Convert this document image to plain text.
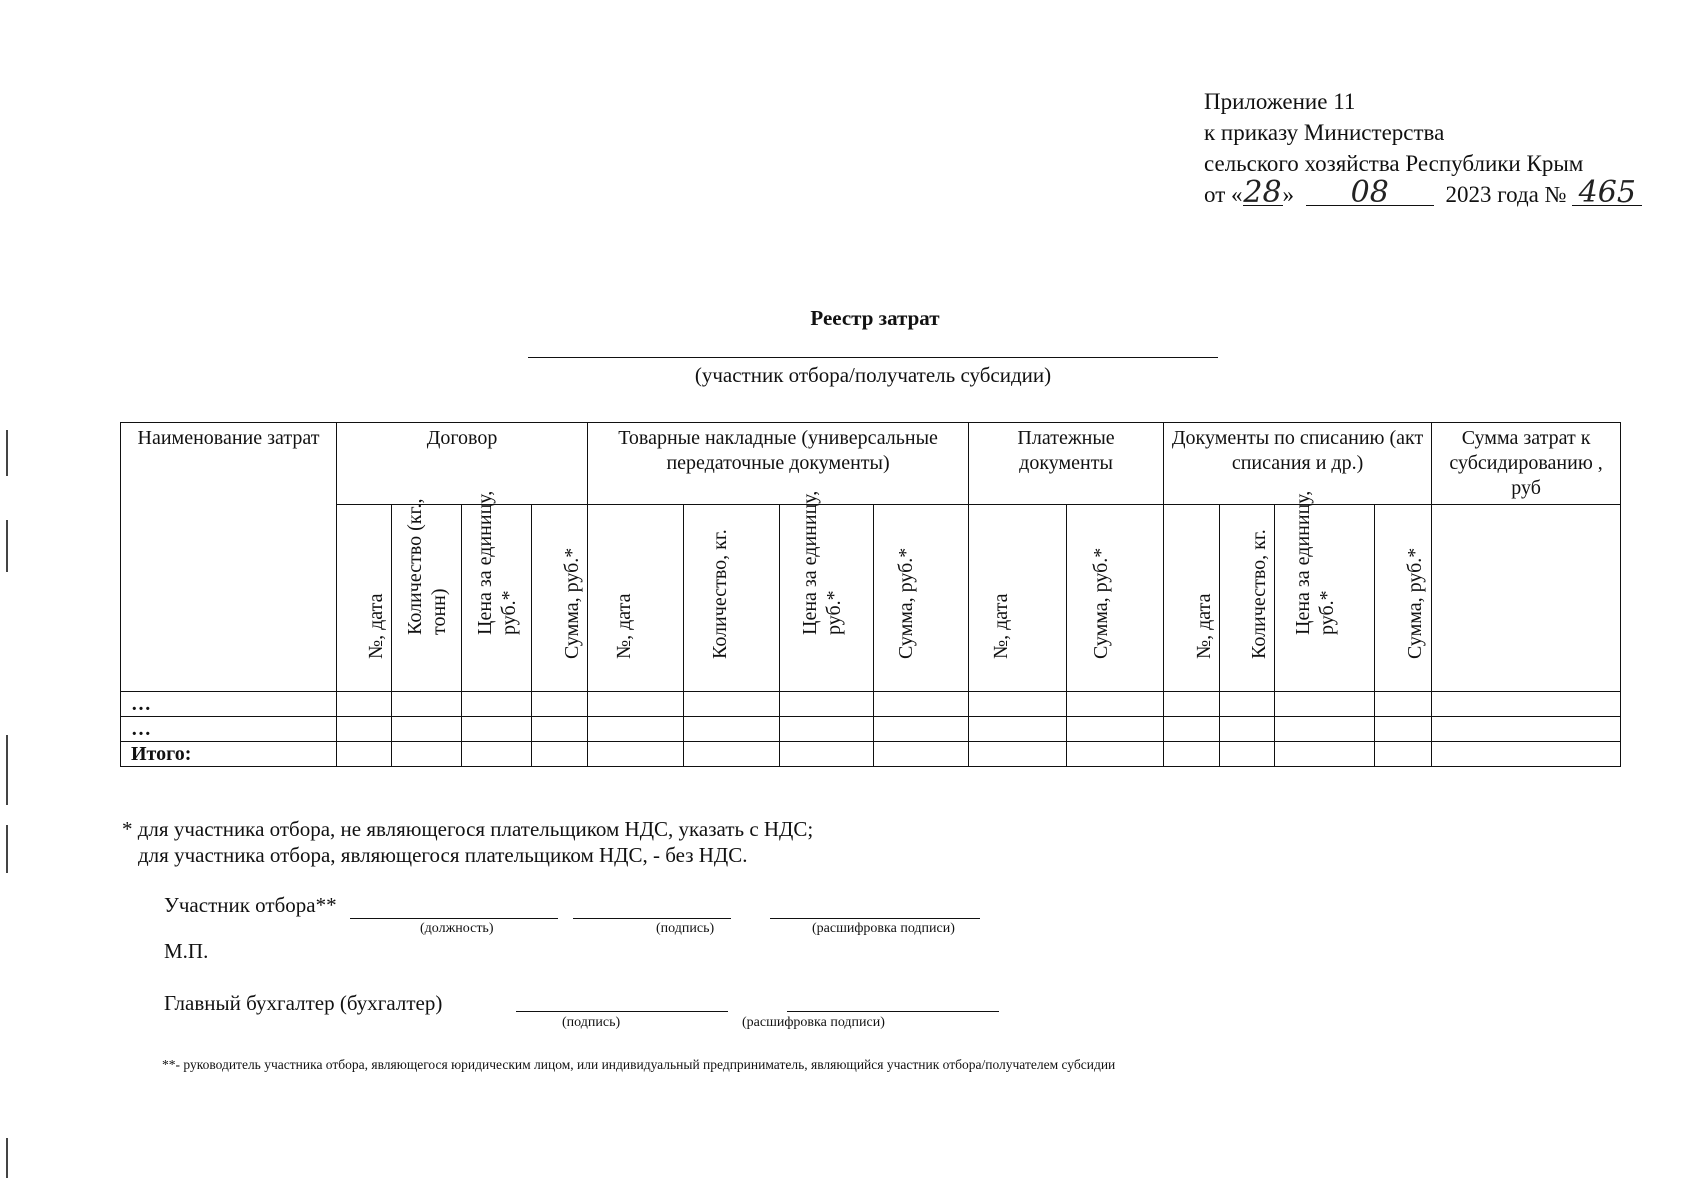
Приложение 11
к приказу Министерства
сельского хозяйства Республики Крым
от «28» 08 2023 года № 465
Реестр затрат
(участник отбора/получатель субсидии)
Наименование затрат	Договор				Товарные накладные (универсальные передаточные документы)				Платежные документы		Документы по списанию (акт списания и др.)				Сумма затрат к субсидированию , руб

	№, дата	Количество (кг., тонн)	Цена за единицу, руб.*	Сумма, руб.*	№, дата	Количество, кг.	Цена за единицу, руб.*	Сумма, руб.*	№, дата	Сумма, руб.*	№, дата	Количество, кг.	Цена за единицу, руб.*	Сумма, руб.*	

…															
…															
Итого:															
* для участника отбора, не являющегося плательщиком НДС, указать с НДС;
для участника отбора, являющегося плательщиком НДС, - без НДС.
Участник отбора**
(должность)	(подпись)	(расшифровка подписи)
М.П.
Главный бухгалтер (бухгалтер)
(подпись)	(расшифровка подписи)
**- руководитель участника отбора, являющегося юридическим лицом, или индивидуальный предприниматель, являющийся участник отбора/получателем субсидии
